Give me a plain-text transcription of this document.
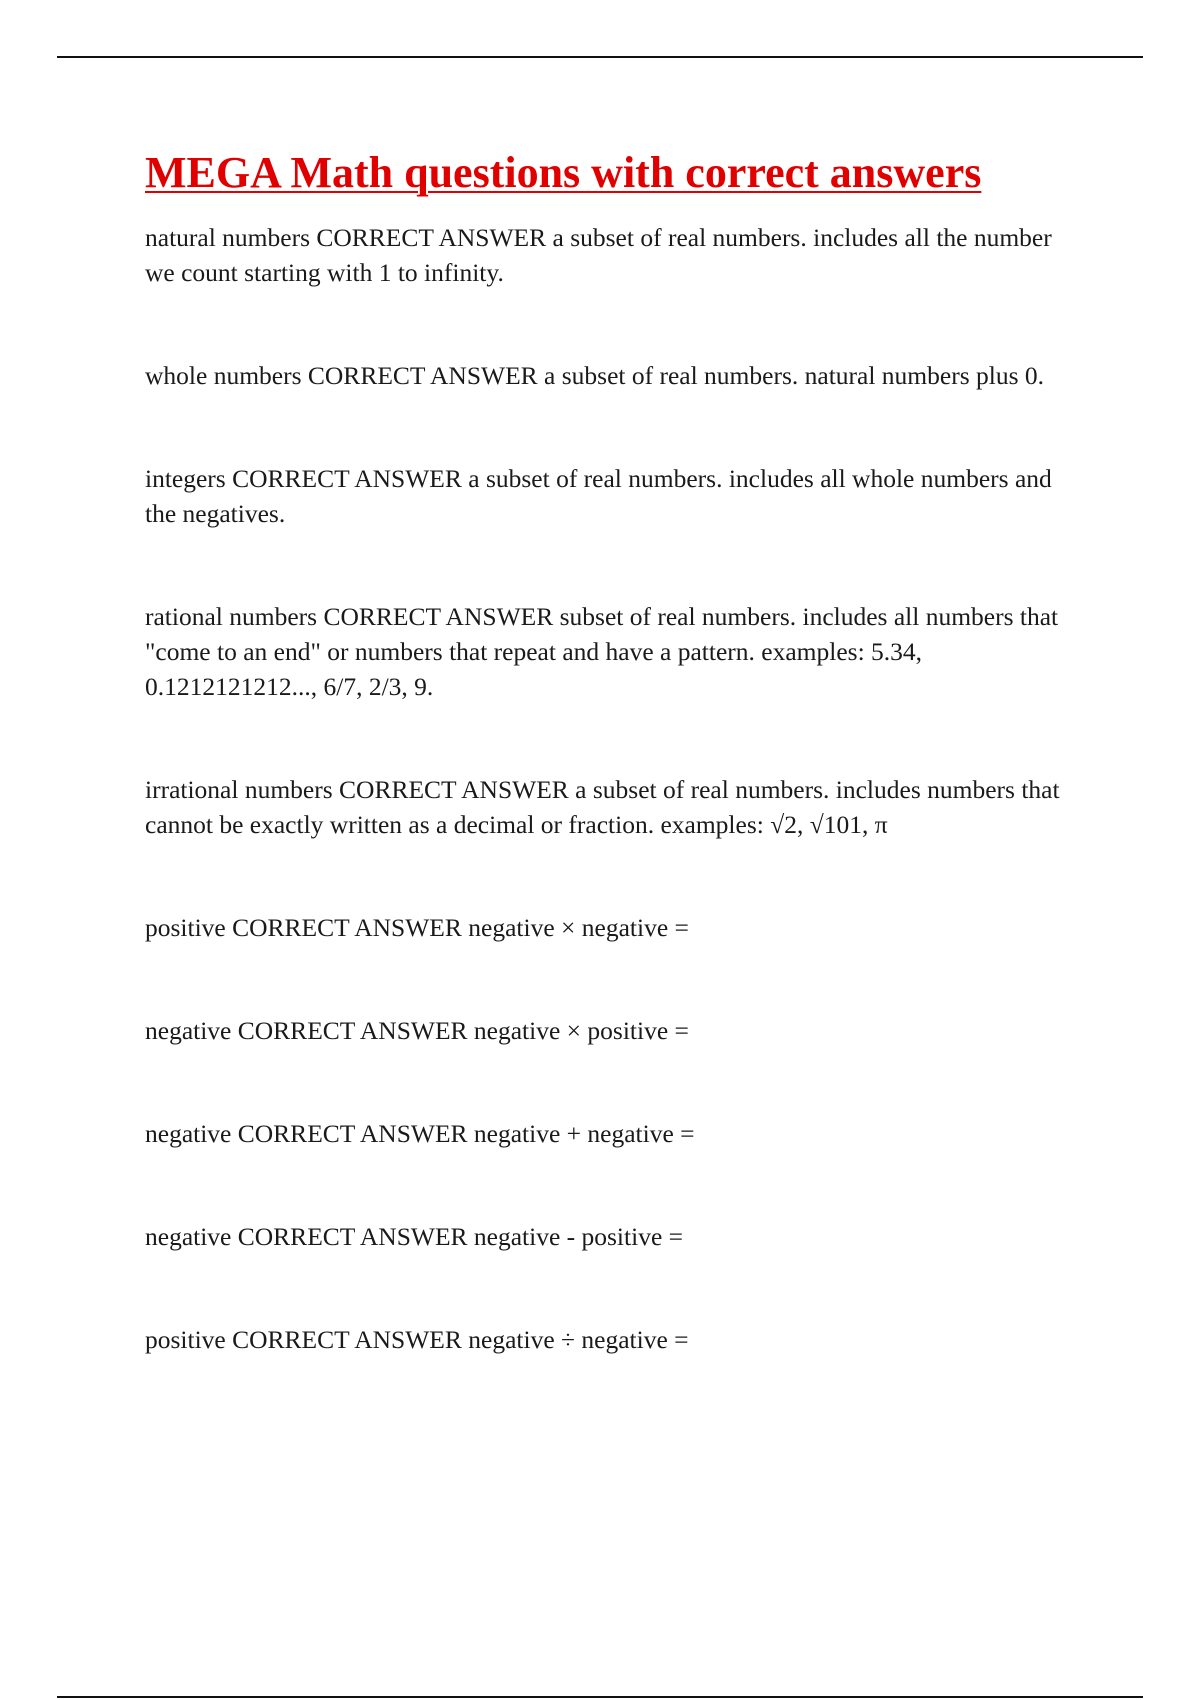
MEGA Math questions with correct answers
natural numbers CORRECT ANSWER a subset of real numbers. includes all the number we count starting with 1 to infinity.
whole numbers CORRECT ANSWER a subset of real numbers. natural numbers plus 0.
integers CORRECT ANSWER a subset of real numbers. includes all whole numbers and the negatives.
rational numbers CORRECT ANSWER subset of real numbers. includes all numbers that "come to an end" or numbers that repeat and have a pattern. examples: 5.34, 0.1212121212..., 6/7, 2/3, 9.
irrational numbers CORRECT ANSWER a subset of real numbers. includes numbers that cannot be exactly written as a decimal or fraction. examples: √2, √101, π
positive CORRECT ANSWER negative × negative =
negative CORRECT ANSWER negative × positive =
negative CORRECT ANSWER negative + negative =
negative CORRECT ANSWER negative - positive =
positive CORRECT ANSWER negative ÷ negative =
